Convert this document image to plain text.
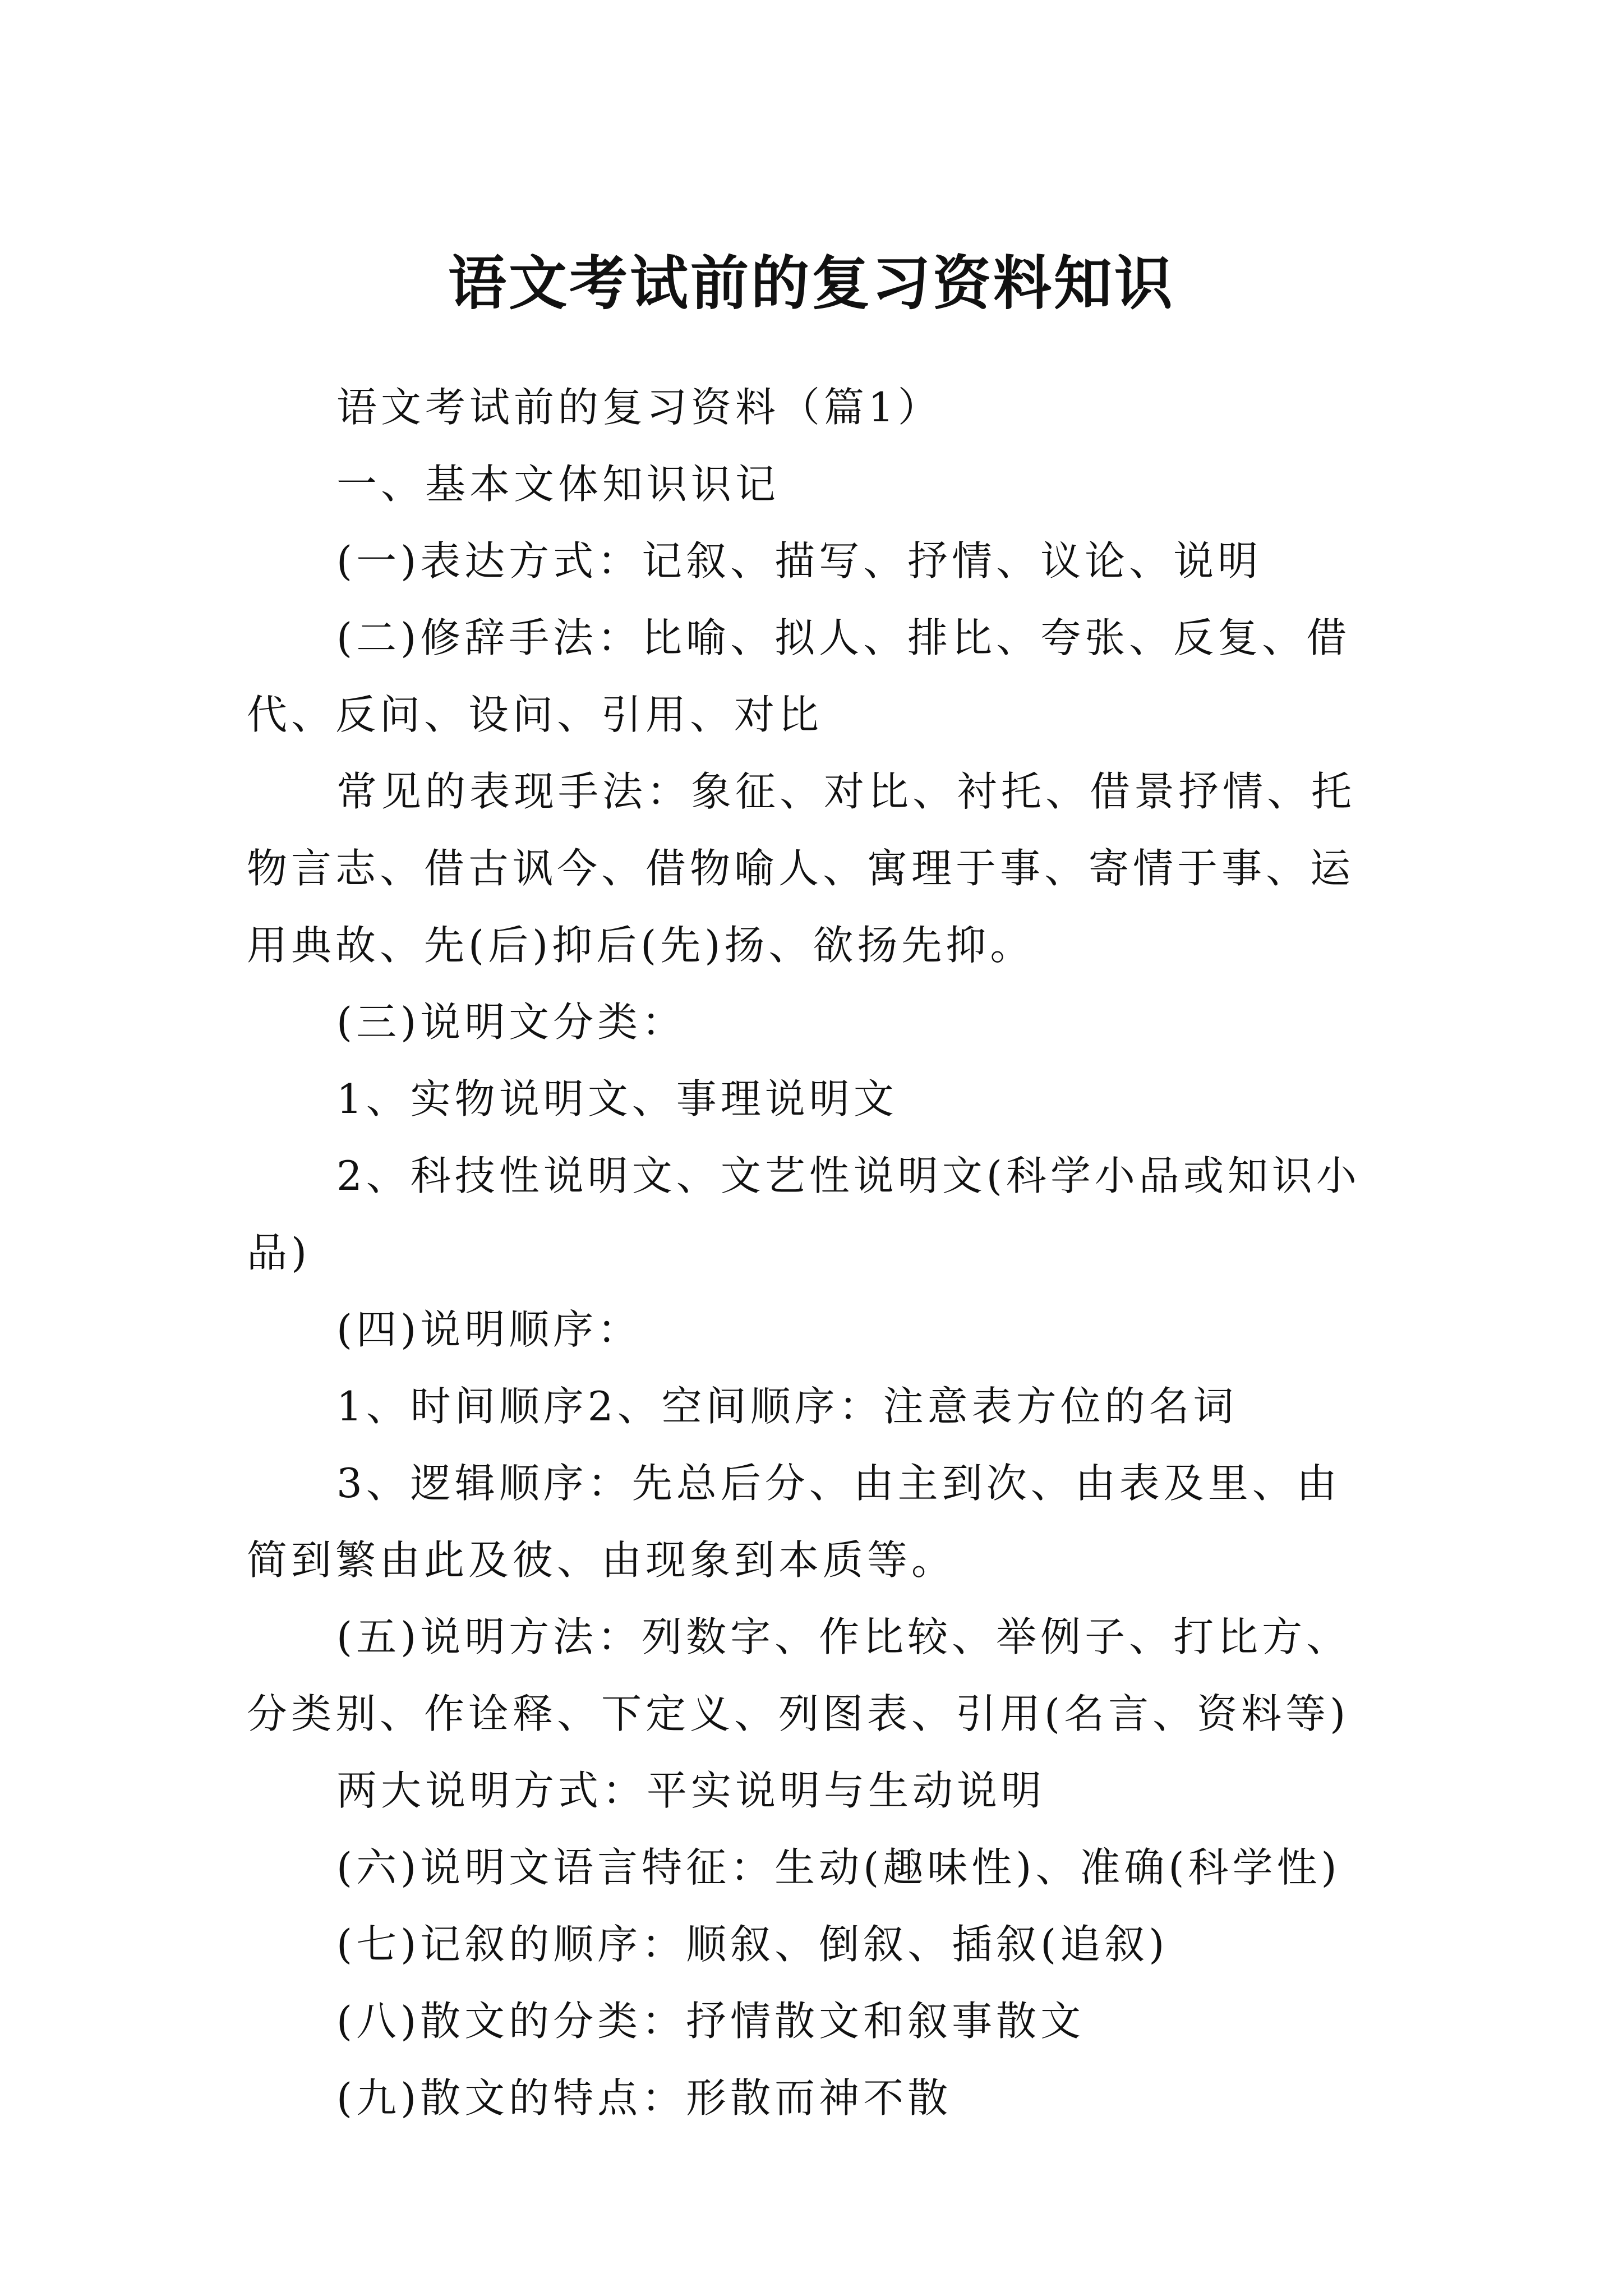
语文考试前的复习资料知识

语文考试前的复习资料（篇1）

一、基本文体知识识记

(一)表达方式：记叙、描写、抒情、议论、说明

(二)修辞手法：比喻、拟人、排比、夸张、反复、借代、反问、设问、引用、对比

常见的表现手法：象征、对比、衬托、借景抒情、托物言志、借古讽今、借物喻人、寓理于事、寄情于事、运用典故、先(后)抑后(先)扬、欲扬先抑。

(三)说明文分类：

1、实物说明文、事理说明文

2、科技性说明文、文艺性说明文(科学小品或知识小品)

(四)说明顺序：

1、时间顺序2、空间顺序：注意表方位的名词

3、逻辑顺序：先总后分、由主到次、由表及里、由简到繁由此及彼、由现象到本质等。

(五)说明方法：列数字、作比较、举例子、打比方、分类别、作诠释、下定义、列图表、引用(名言、资料等)

两大说明方式：平实说明与生动说明

(六)说明文语言特征：生动(趣味性)、准确(科学性)

(七)记叙的顺序：顺叙、倒叙、插叙(追叙)

(八)散文的分类：抒情散文和叙事散文

(九)散文的特点：形散而神不散
